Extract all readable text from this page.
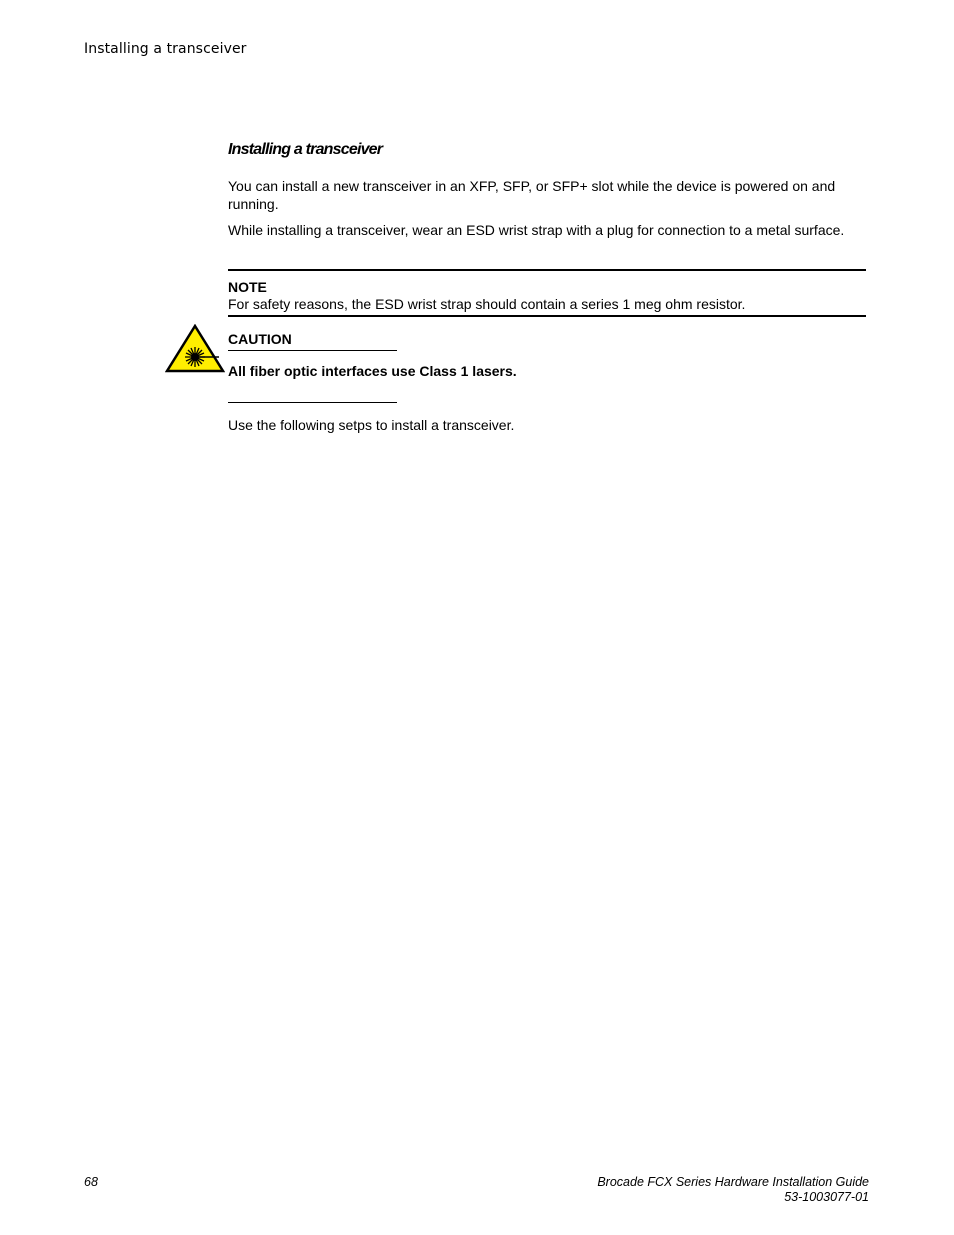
Installing a transceiver
Installing a transceiver

You can install a new transceiver in an XFP, SFP, or SFP+ slot while the device is powered on and running.

While installing a transceiver, wear an ESD wrist strap with a plug for connection to a metal surface.

NOTE
For safety reasons, the ESD wrist strap should contain a series 1 meg ohm resistor.
CAUTION
All fiber optic interfaces use Class 1 lasers.

Use the following setps to install a transceiver.

68	Brocade FCX Series Hardware Installation Guide
53-1003077-01
